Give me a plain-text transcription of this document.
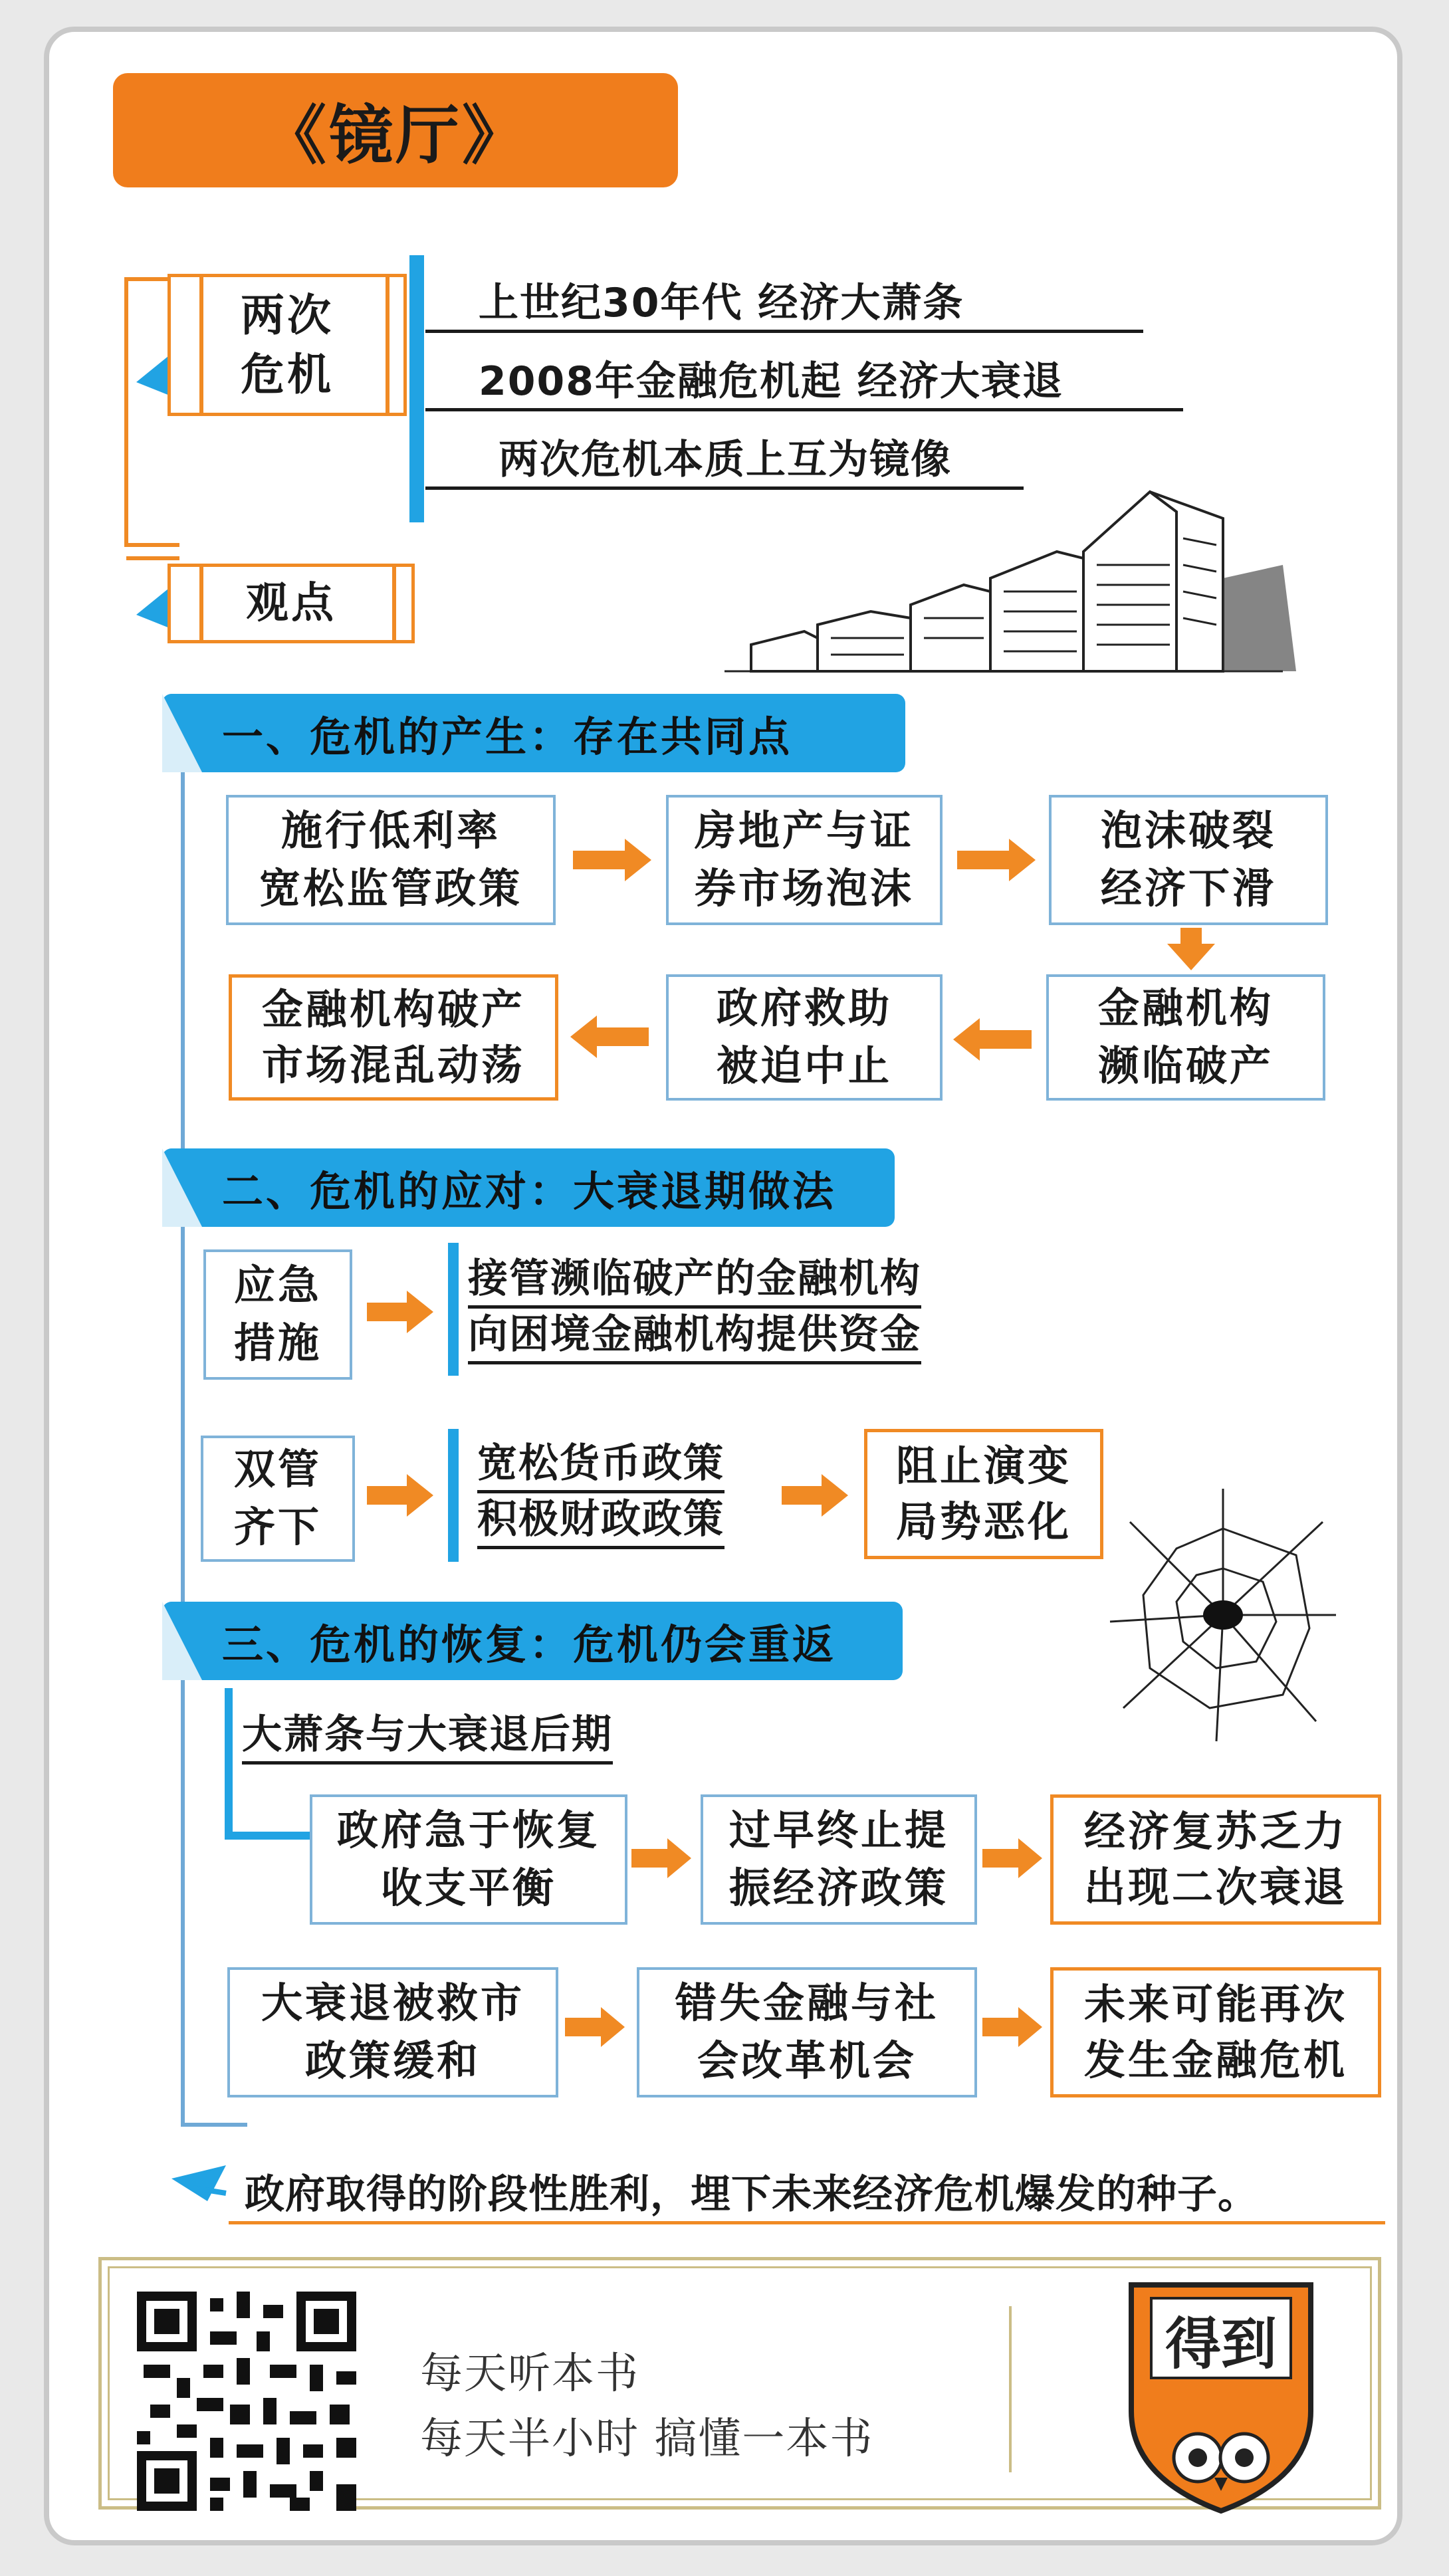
《镜厅》
两次
危机
上世纪30年代 经济大萧条
2008年金融危机起 经济大衰退
两次危机本质上互为镜像
观点
一、危机的产生：存在共同点
施行低利率
宽松监管政策
房地产与证
券市场泡沫
泡沫破裂
经济下滑
金融机构破产
市场混乱动荡
政府救助
被迫中止
金融机构
濒临破产
二、危机的应对：大衰退期做法
应急
措施
接管濒临破产的金融机构
向困境金融机构提供资金
双管
齐下
宽松货币政策
积极财政政策
阻止演变
局势恶化
三、危机的恢复：危机仍会重返
大萧条与大衰退后期
政府急于恢复
收支平衡
过早终止提
振经济政策
经济复苏乏力
出现二次衰退
大衰退被救市
政策缓和
错失金融与社
会改革机会
未来可能再次
发生金融危机
政府取得的阶段性胜利，埋下未来经济危机爆发的种子。
每天听本书
每天半小时 搞懂一本书
得到
